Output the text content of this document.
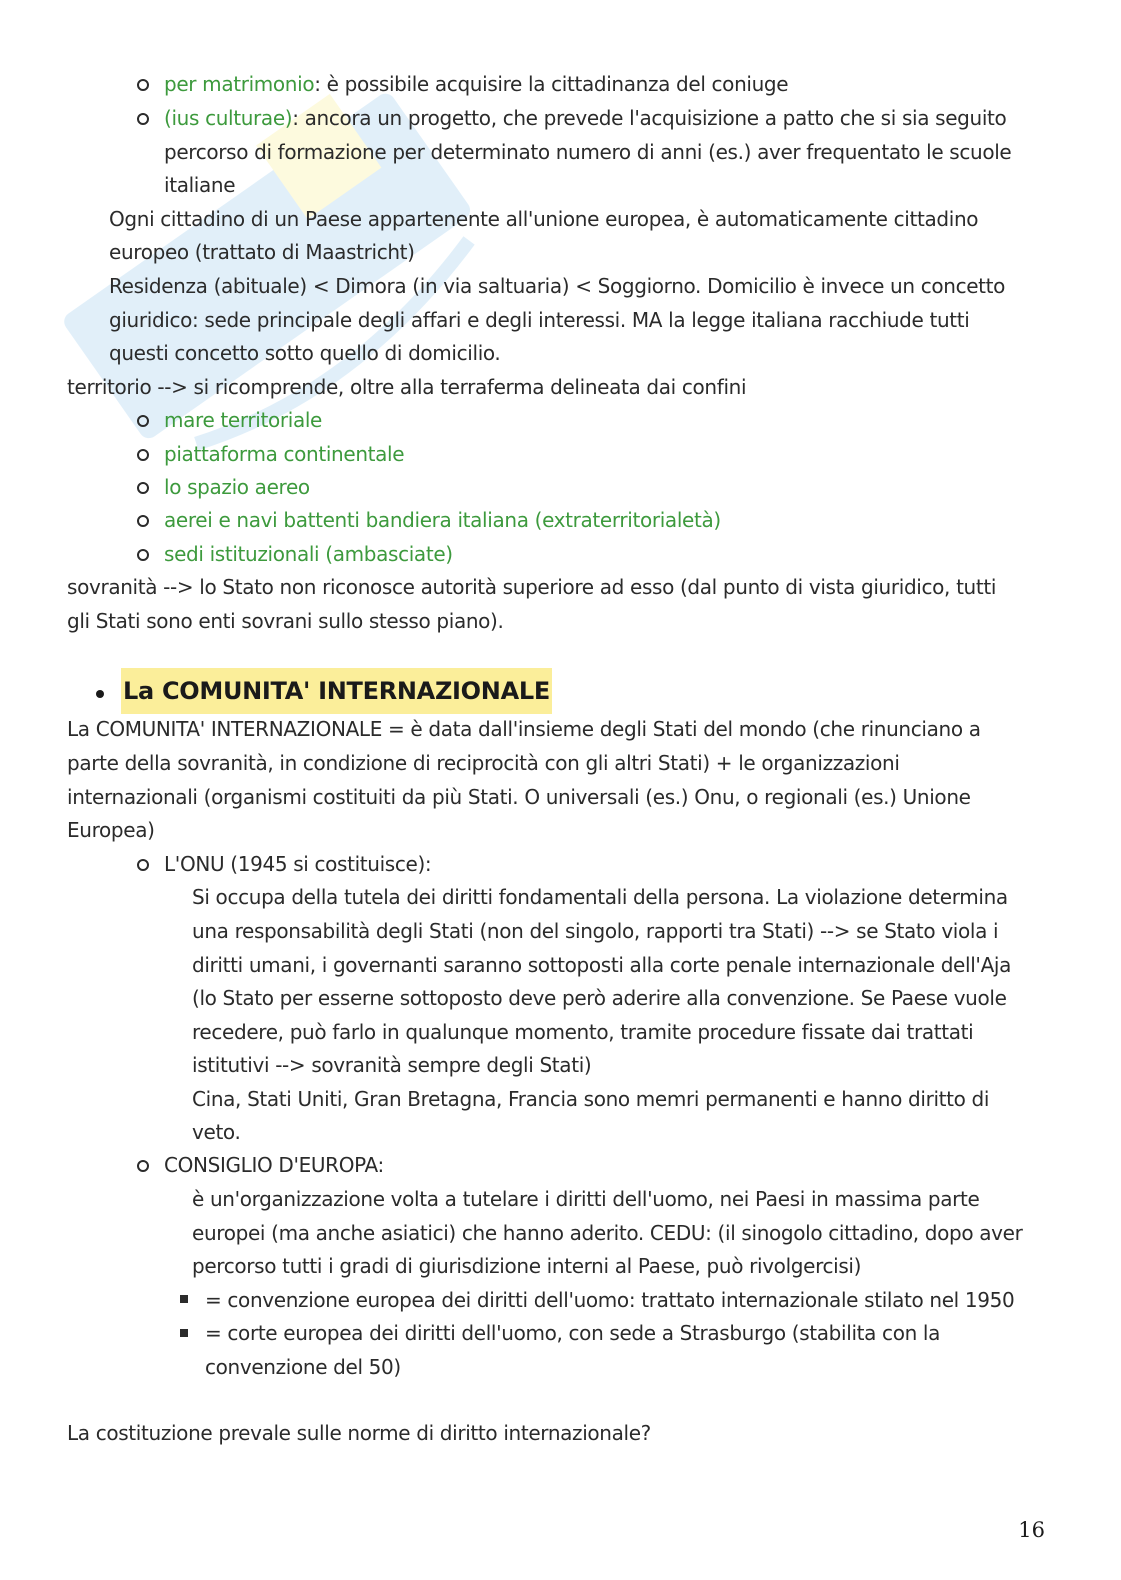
per matrimonio: è possibile acquisire la cittadinanza del coniuge
(ius culturae): ancora un progetto, che prevede l'acquisizione a patto che si sia seguito
percorso di formazione per determinato numero di anni (es.) aver frequentato le scuole
italiane
Ogni cittadino di un Paese appartenente all'unione europea, è automaticamente cittadino
europeo (trattato di Maastricht)
Residenza (abituale) < Dimora (in via saltuaria) < Soggiorno. Domicilio è invece un concetto
giuridico: sede principale degli affari e degli interessi. MA la legge italiana racchiude tutti
questi concetto sotto quello di domicilio.
territorio --> si ricomprende, oltre alla terraferma delineata dai confini
mare territoriale
piattaforma continentale
lo spazio aereo
aerei e navi battenti bandiera italiana (extraterritorialetà)
sedi istituzionali (ambasciate)
sovranità --> lo Stato non riconosce autorità superiore ad esso (dal punto di vista giuridico, tutti
gli Stati sono enti sovrani sullo stesso piano).
La COMUNITA' INTERNAZIONALE
La COMUNITA' INTERNAZIONALE = è data dall'insieme degli Stati del mondo (che rinunciano a
parte della sovranità, in condizione di reciprocità con gli altri Stati) + le organizzazioni
internazionali (organismi costituiti da più Stati. O universali (es.) Onu, o regionali (es.) Unione
Europea)
L'ONU (1945 si costituisce):
Si occupa della tutela dei diritti fondamentali della persona. La violazione determina
una responsabilità degli Stati (non del singolo, rapporti tra Stati) --> se Stato viola i
diritti umani, i governanti saranno sottoposti alla corte penale internazionale dell'Aja
(lo Stato per esserne sottoposto deve però aderire alla convenzione. Se Paese vuole
recedere, può farlo in qualunque momento, tramite procedure fissate dai trattati
istitutivi --> sovranità sempre degli Stati)
Cina, Stati Uniti, Gran Bretagna, Francia sono memri permanenti e hanno diritto di
veto.
CONSIGLIO D'EUROPA:
è un'organizzazione volta a tutelare i diritti dell'uomo, nei Paesi in massima parte
europei (ma anche asiatici) che hanno aderito. CEDU: (il sinogolo cittadino, dopo aver
percorso tutti i gradi di giurisdizione interni al Paese, può rivolgercisi)
= convenzione europea dei diritti dell'uomo: trattato internazionale stilato nel 1950
= corte europea dei diritti dell'uomo, con sede a Strasburgo (stabilita con la
convenzione del 50)
La costituzione prevale sulle norme di diritto internazionale?
16
